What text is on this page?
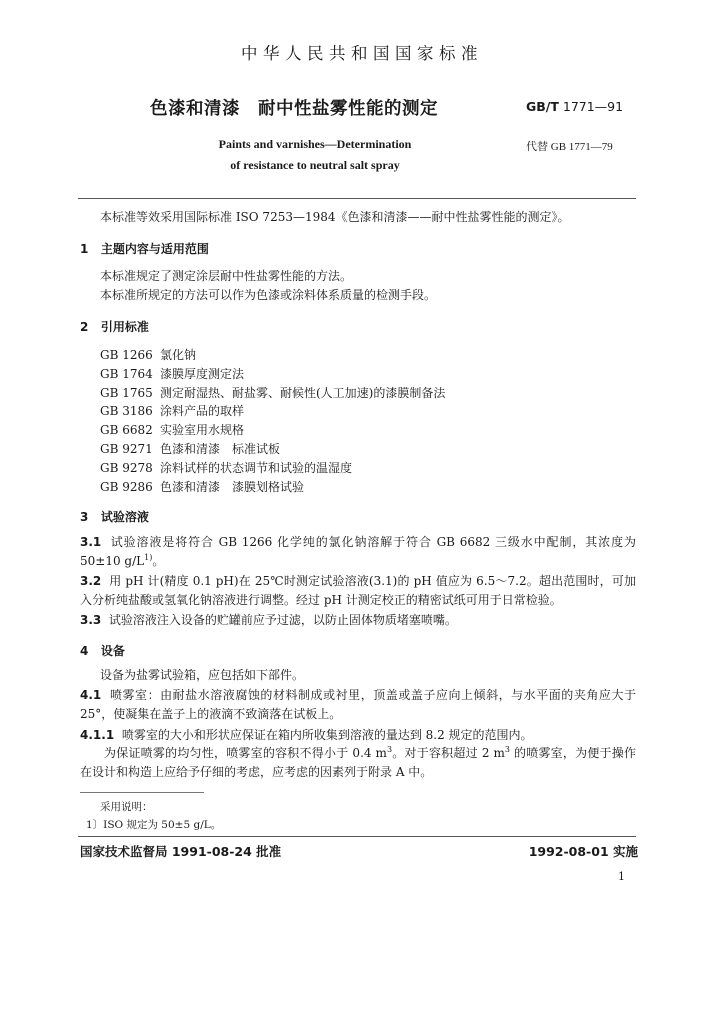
中华人民共和国国家标准
色漆和清漆　耐中性盐雾性能的测定	GB/T 1771—91
Paints and varnishes—Determination
of resistance to neutral salt spray
代替 GB 1771—79
本标准等效采用国际标准 ISO 7253—1984《色漆和清漆——耐中性盐雾性能的测定》。
1 主题内容与适用范围
本标准规定了测定涂层耐中性盐雾性能的方法。
本标准所规定的方法可以作为色漆或涂料体系质量的检测手段。
2 引用标准
GB 1266 氯化钠
GB 1764 漆膜厚度测定法
GB 1765 测定耐湿热、耐盐雾、耐候性(人工加速)的漆膜制备法
GB 3186 涂料产品的取样
GB 6682 实验室用水规格
GB 9271 色漆和清漆　标准试板
GB 9278 涂料试样的状态调节和试验的温湿度
GB 9286 色漆和清漆　漆膜划格试验
3 试验溶液
3.1 试验溶液是将符合 GB 1266 化学纯的氯化钠溶解于符合 GB 6682 三级水中配制，其浓度为 50±10 $g/L^{1)}$。
3.2 用 pH 计(精度 0.1 pH)在 25℃时测定试验溶液(3.1)的 pH 值应为 6.5～7.2。超出范围时，可加入分析纯盐酸或氢氧化钠溶液进行调整。经过 pH 计测定校正的精密试纸可用于日常检验。
3.3 试验溶液注入设备的贮罐前应予过滤，以防止固体物质堵塞喷嘴。
4 设备
设备为盐雾试验箱，应包括如下部件。
4.1 喷雾室：由耐盐水溶液腐蚀的材料制成或衬里，顶盖或盖子应向上倾斜，与水平面的夹角应大于25°，使凝集在盖子上的液滴不致滴落在试板上。
4.1.1 喷雾室的大小和形状应保证在箱内所收集到溶液的量达到 8.2 规定的范围内。
为保证喷雾的均匀性，喷雾室的容积不得小于 0.4 $m^3$。对于容积超过 2 $m^3$ 的喷雾室，为便于操作在设计和构造上应给予仔细的考虑，应考虑的因素列于附录 A 中。
采用说明：
1〕ISO 规定为 50±5 g/L。
国家技术监督局 1991-08-24 批准	1992-08-01 实施
1
